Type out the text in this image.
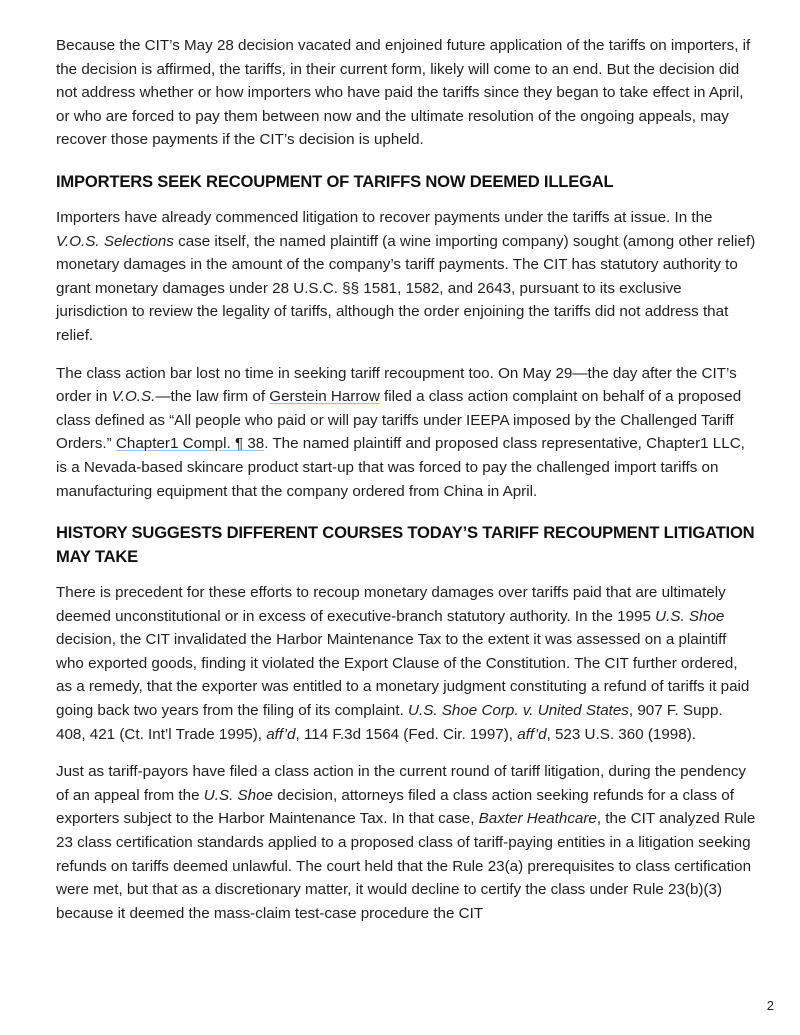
Because the CIT’s May 28 decision vacated and enjoined future application of the tariffs on importers, if the decision is affirmed, the tariffs, in their current form, likely will come to an end. But the decision did not address whether or how importers who have paid the tariffs since they began to take effect in April, or who are forced to pay them between now and the ultimate resolution of the ongoing appeals, may recover those payments if the CIT’s decision is upheld.

IMPORTERS SEEK RECOUPMENT OF TARIFFS NOW DEEMED ILLEGAL

Importers have already commenced litigation to recover payments under the tariffs at issue. In the V.O.S. Selections case itself, the named plaintiff (a wine importing company) sought (among other relief) monetary damages in the amount of the company’s tariff payments. The CIT has statutory authority to grant monetary damages under 28 U.S.C. §§ 1581, 1582, and 2643, pursuant to its exclusive jurisdiction to review the legality of tariffs, although the order enjoining the tariffs did not address that relief.

The class action bar lost no time in seeking tariff recoupment too. On May 29—the day after the CIT’s order in V.O.S.—the law firm of Gerstein Harrow filed a class action complaint on behalf of a proposed class defined as “All people who paid or will pay tariffs under IEEPA imposed by the Challenged Tariff Orders.” Chapter1 Compl. ¶ 38. The named plaintiff and proposed class representative, Chapter1 LLC, is a Nevada-based skincare product start-up that was forced to pay the challenged import tariffs on manufacturing equipment that the company ordered from China in April.

HISTORY SUGGESTS DIFFERENT COURSES TODAY’S TARIFF RECOUPMENT LITIGATION MAY TAKE

There is precedent for these efforts to recoup monetary damages over tariffs paid that are ultimately deemed unconstitutional or in excess of executive-branch statutory authority. In the 1995 U.S. Shoe decision, the CIT invalidated the Harbor Maintenance Tax to the extent it was assessed on a plaintiff who exported goods, finding it violated the Export Clause of the Constitution. The CIT further ordered, as a remedy, that the exporter was entitled to a monetary judgment constituting a refund of tariffs it paid going back two years from the filing of its complaint. U.S. Shoe Corp. v. United States, 907 F. Supp. 408, 421 (Ct. Int’l Trade 1995), aff’d, 114 F.3d 1564 (Fed. Cir. 1997), aff’d, 523 U.S. 360 (1998).

Just as tariff-payors have filed a class action in the current round of tariff litigation, during the pendency of an appeal from the U.S. Shoe decision, attorneys filed a class action seeking refunds for a class of exporters subject to the Harbor Maintenance Tax. In that case, Baxter Heathcare, the CIT analyzed Rule 23 class certification standards applied to a proposed class of tariff-paying entities in a litigation seeking refunds on tariffs deemed unlawful. The court held that the Rule 23(a) prerequisites to class certification were met, but that as a discretionary matter, it would decline to certify the class under Rule 23(b)(3) because it deemed the mass-claim test-case procedure the CIT

2
